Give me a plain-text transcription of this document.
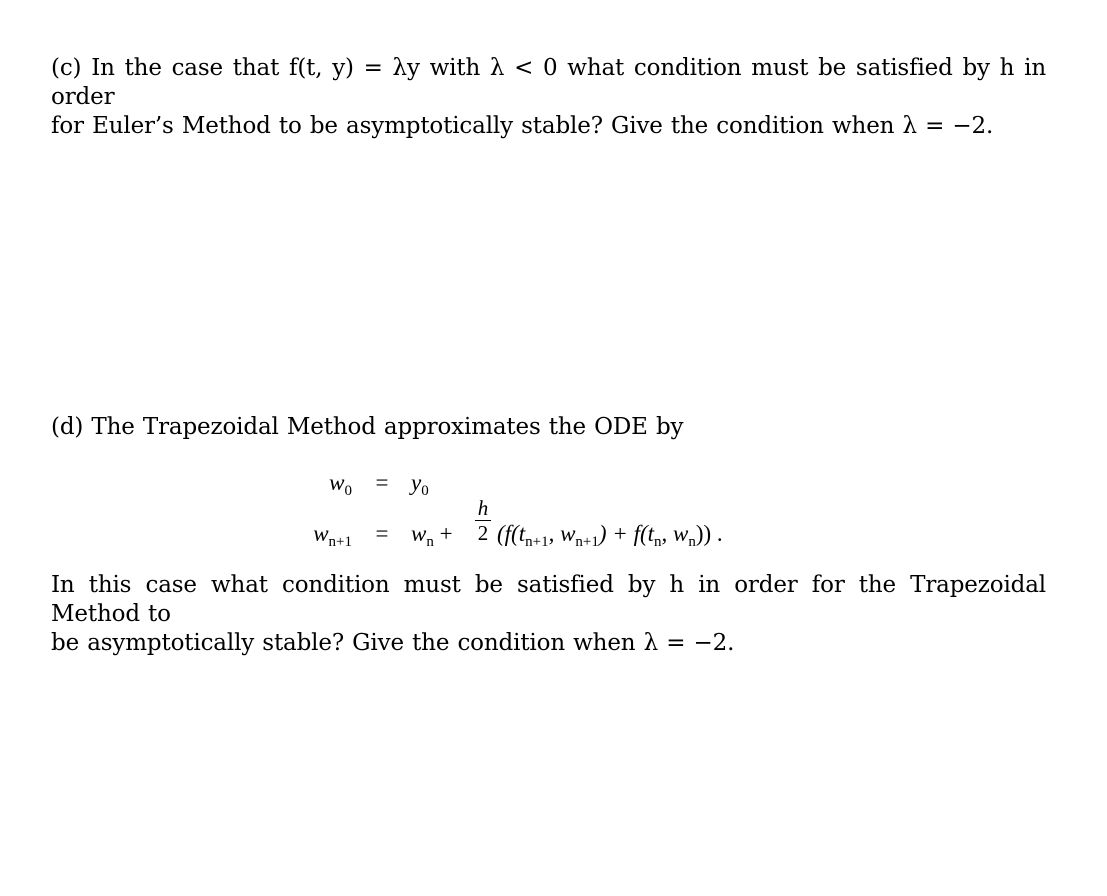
(c) In the case that f(t, y) = λy with λ < 0 what condition must be satisfied by h in order
for Euler’s Method to be asymptotically stable? Give the condition when λ = −2.
(d) The Trapezoidal Method approximates the ODE by
$w_0 = y_0$
$w_{n+1} = w_n$ +
h
2 ($f(t_{n+1}$, $w_{n+1}) + f(t_n$, $w_n$)) .
In this case what condition must be satisfied by h in order for the Trapezoidal Method to
be asymptotically stable? Give the condition when λ = −2.
